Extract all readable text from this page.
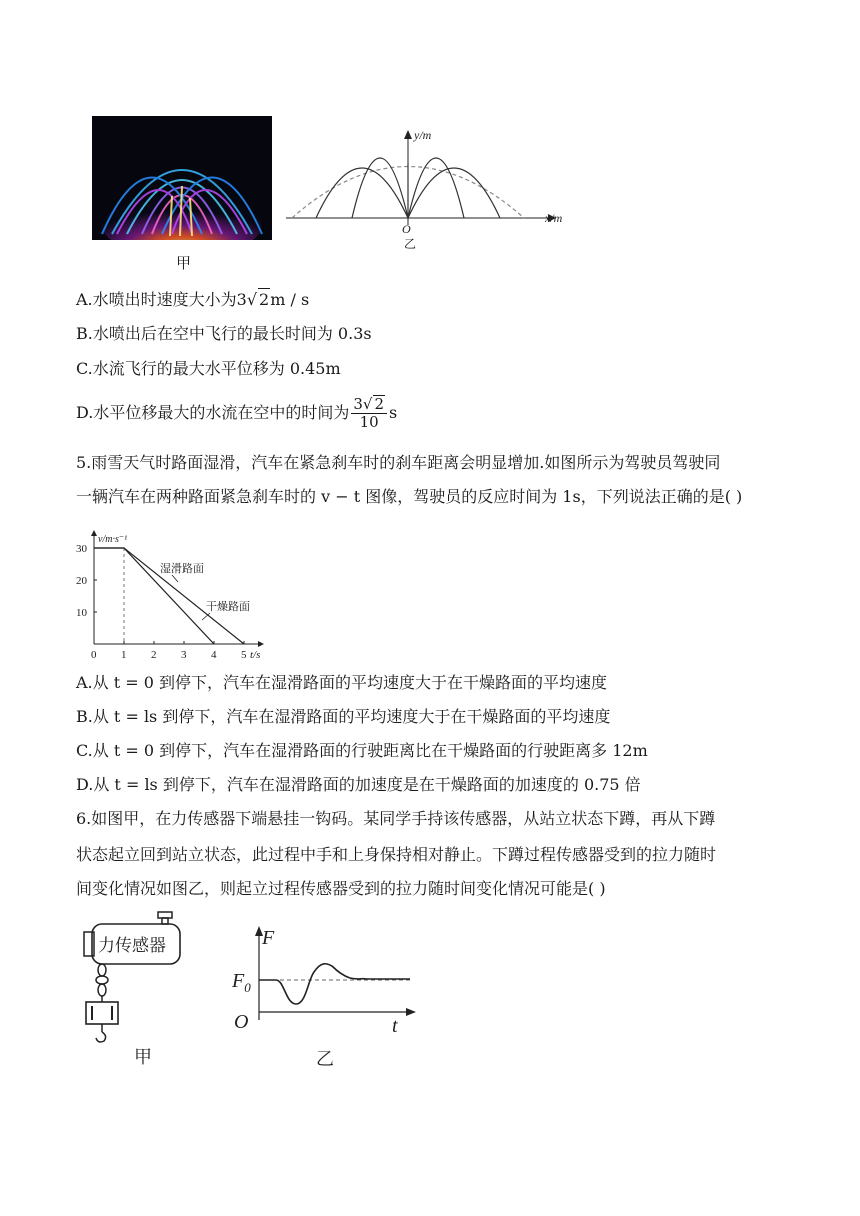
甲
y/m
x/m
O
乙
A.水喷出时速度大小为3√ 2m / s
B.水喷出后在空中飞行的最长时间为 0.3s
C.水流飞行的最大水平位移为 0.45m
D.水平位移最大的水流在空中的时间为 $\frac{3√ 2}{10}$ s
5.雨雪天气时路面湿滑，汽车在紧急刹车时的刹车距离会明显增加.如图所示为驾驶员驾驶同
一辆汽车在两种路面紧急刹车时的 v − t 图像，驾驶员的反应时间为 1s，下列说法正确的是( )
0 1 2 3 4 5
10
20
30
v/m·s⁻¹
t/s
湿滑路面
干燥路面
A.从 t = 0 到停下，汽车在湿滑路面的平均速度大于在干燥路面的平均速度
B.从 t = ls 到停下，汽车在湿滑路面的平均速度大于在干燥路面的平均速度
C.从 t = 0 到停下，汽车在湿滑路面的行驶距离比在干燥路面的行驶距离多 12m
D.从 t = ls 到停下，汽车在湿滑路面的加速度是在干燥路面的加速度的 0.75 倍
6.如图甲，在力传感器下端悬挂一钩码。某同学手持该传感器，从站立状态下蹲，再从下蹲
状态起立回到站立状态，此过程中手和上身保持相对静止。下蹲过程传感器受到的拉力随时
间变化情况如图乙，则起立过程传感器受到的拉力随时间变化情况可能是( )
力传感器
甲
F
$F_0$
O	t
乙
